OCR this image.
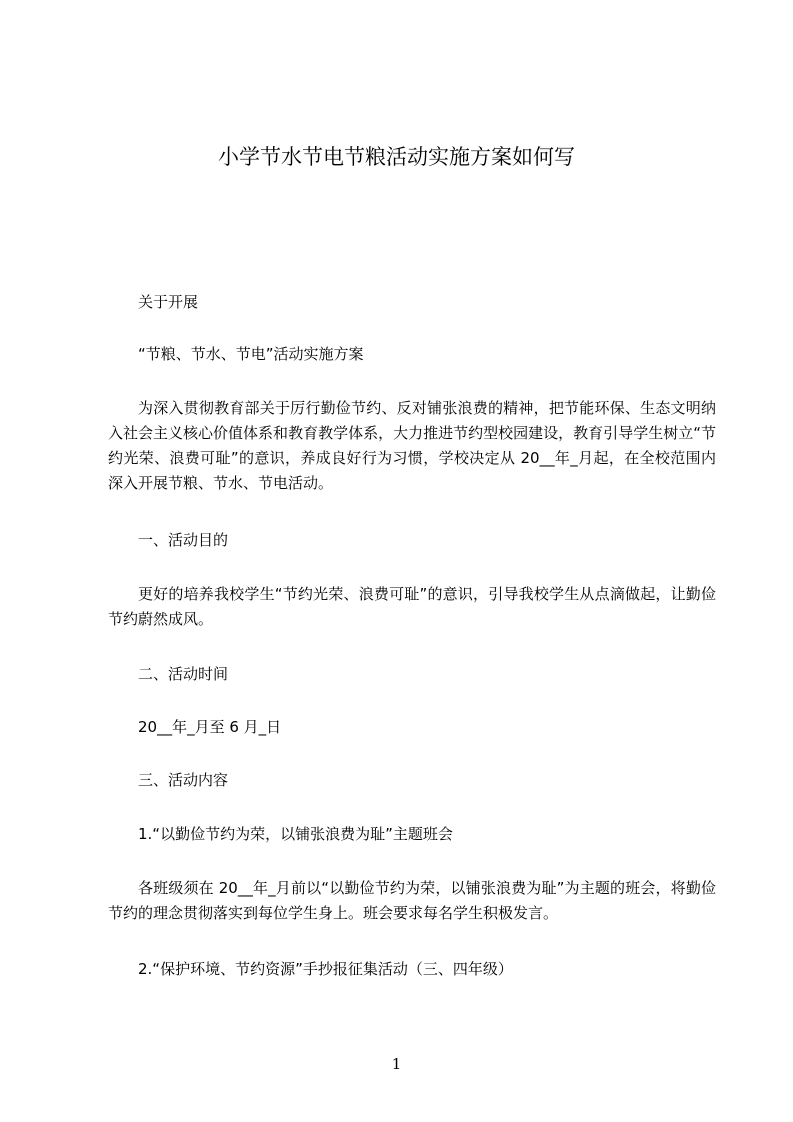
小学节水节电节粮活动实施方案如何写

关于开展

“节粮、节水、节电”活动实施方案

为深入贯彻教育部关于厉行勤俭节约、反对铺张浪费的精神，把节能环保、生态文明纳入社会主义核心价值体系和教育教学体系，大力推进节约型校园建设，教育引导学生树立“节约光荣、浪费可耻”的意识，养成良好行为习惯，学校决定从 20__年_月起，在全校范围内深入开展节粮、节水、节电活动。

一、活动目的

更好的培养我校学生“节约光荣、浪费可耻”的意识，引导我校学生从点滴做起，让勤俭节约蔚然成风。

二、活动时间

20__年_月至 6 月_日

三、活动内容

1.“以勤俭节约为荣，以铺张浪费为耻”主题班会

各班级须在 20__年_月前以“以勤俭节约为荣，以铺张浪费为耻”为主题的班会，将勤俭节约的理念贯彻落实到每位学生身上。班会要求每名学生积极发言。

2.“保护环境、节约资源”手抄报征集活动（三、四年级）

1
